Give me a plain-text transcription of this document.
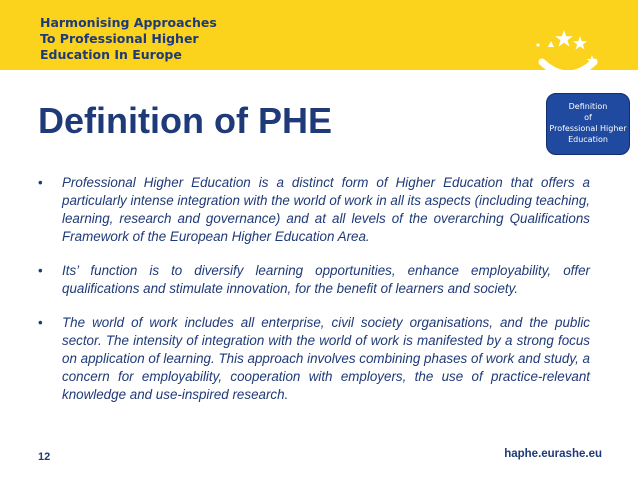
Harmonising Approaches
To Professional Higher
Education In Europe
Definition of PHE	Definition
of
Professional Higher
Education
• Professional Higher Education is a distinct form of Higher Education that offers a particularly intense integration with the world of work in all its aspects (including teaching, learning, research and governance) and at all levels of the overarching Qualifications Framework of the European Higher Education Area.
• Its’ function is to diversify learning opportunities, enhance employability, offer qualifications and stimulate innovation, for the benefit of learners and society.
• The world of work includes all enterprise, civil society organisations, and the public sector. The intensity of integration with the world of work is manifested by a strong focus on application of learning. This approach involves combining phases of work and study, a concern for employability, cooperation with employers, the use of practice-relevant knowledge and use-inspired research.
12	haphe.eurashe.eu
